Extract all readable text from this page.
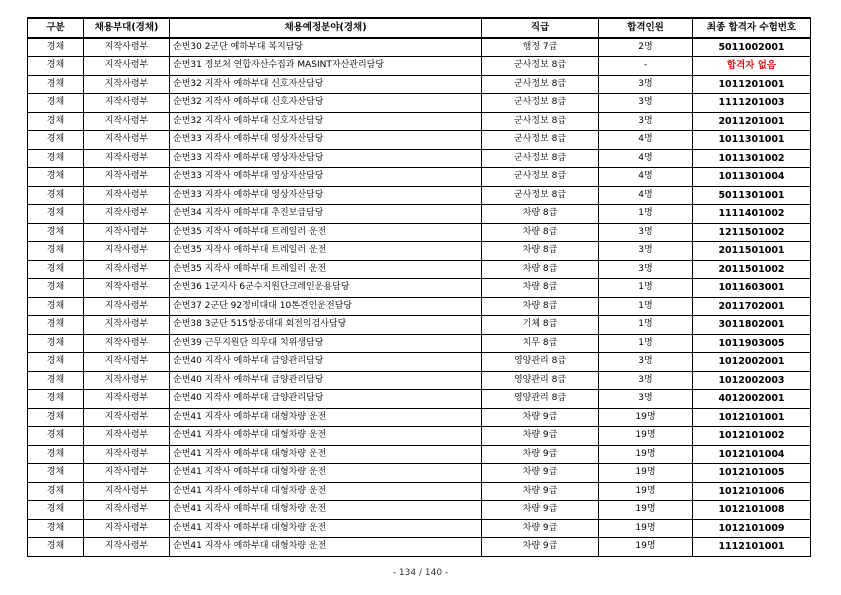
구분	채용부대(경채)	채용예정분야(경채)	직급	합격인원	최종 합격자 수험번호
경채	지작사령부	순번30 2군단 예하부대 복지담당	행정 7급	2명	5011002001
경채	지작사령부	순번31 정보처 연합자산수집과 MASINT자산관리담당	군사정보 8급	-	합격자 없음
경채	지작사령부	순번32 지작사 예하부대 신호자산담당	군사정보 8급	3명	1011201001
경채	지작사령부	순번32 지작사 예하부대 신호자산담당	군사정보 8급	3명	1111201003
경채	지작사령부	순번32 지작사 예하부대 신호자산담당	군사정보 8급	3명	2011201001
경채	지작사령부	순번33 지작사 예하부대 영상자산담당	군사정보 8급	4명	1011301001
경채	지작사령부	순번33 지작사 예하부대 영상자산담당	군사정보 8급	4명	1011301002
경채	지작사령부	순번33 지작사 예하부대 영상자산담당	군사정보 8급	4명	1011301004
경채	지작사령부	순번33 지작사 예하부대 영상자산담당	군사정보 8급	4명	5011301001
경채	지작사령부	순번34 지작사 예하부대 추진보급담당	차량 8급	1명	1111401002
경채	지작사령부	순번35 지작사 예하부대 트레일러 운전	차량 8급	3명	1211501002
경채	지작사령부	순번35 지작사 예하부대 트레일러 운전	차량 8급	3명	2011501001
경채	지작사령부	순번35 지작사 예하부대 트레일러 운전	차량 8급	3명	2011501002
경채	지작사령부	순번36 1군지사 6군수지원단크레인운용담당	차량 8급	1명	1011603001
경채	지작사령부	순번37 2군단 92정비대대 10톤견인운전담당	차량 8급	1명	2011702001
경채	지작사령부	순번38 3군단 515항공대대 회전익검사담당	기체 8급	1명	3011802001
경채	지작사령부	순번39 근무지원단 의무대 치위생담당	치무 8급	1명	1011903005
경채	지작사령부	순번40 지작사 예하부대 급양관리담당	영양관리 8급	3명	1012002001
경채	지작사령부	순번40 지작사 예하부대 급양관리담당	영양관리 8급	3명	1012002003
경채	지작사령부	순번40 지작사 예하부대 급양관리담당	영양관리 8급	3명	4012002001
경채	지작사령부	순번41 지작사 예하부대 대형차량 운전	차량 9급	19명	1012101001
경채	지작사령부	순번41 지작사 예하부대 대형차량 운전	차량 9급	19명	1012101002
경채	지작사령부	순번41 지작사 예하부대 대형차량 운전	차량 9급	19명	1012101004
경채	지작사령부	순번41 지작사 예하부대 대형차량 운전	차량 9급	19명	1012101005
경채	지작사령부	순번41 지작사 예하부대 대형차량 운전	차량 9급	19명	1012101006
경채	지작사령부	순번41 지작사 예하부대 대형차량 운전	차량 9급	19명	1012101008
경채	지작사령부	순번41 지작사 예하부대 대형차량 운전	차량 9급	19명	1012101009
경채	지작사령부	순번41 지작사 예하부대 대형차량 운전	차량 9급	19명	1112101001
- 134 / 140 -
